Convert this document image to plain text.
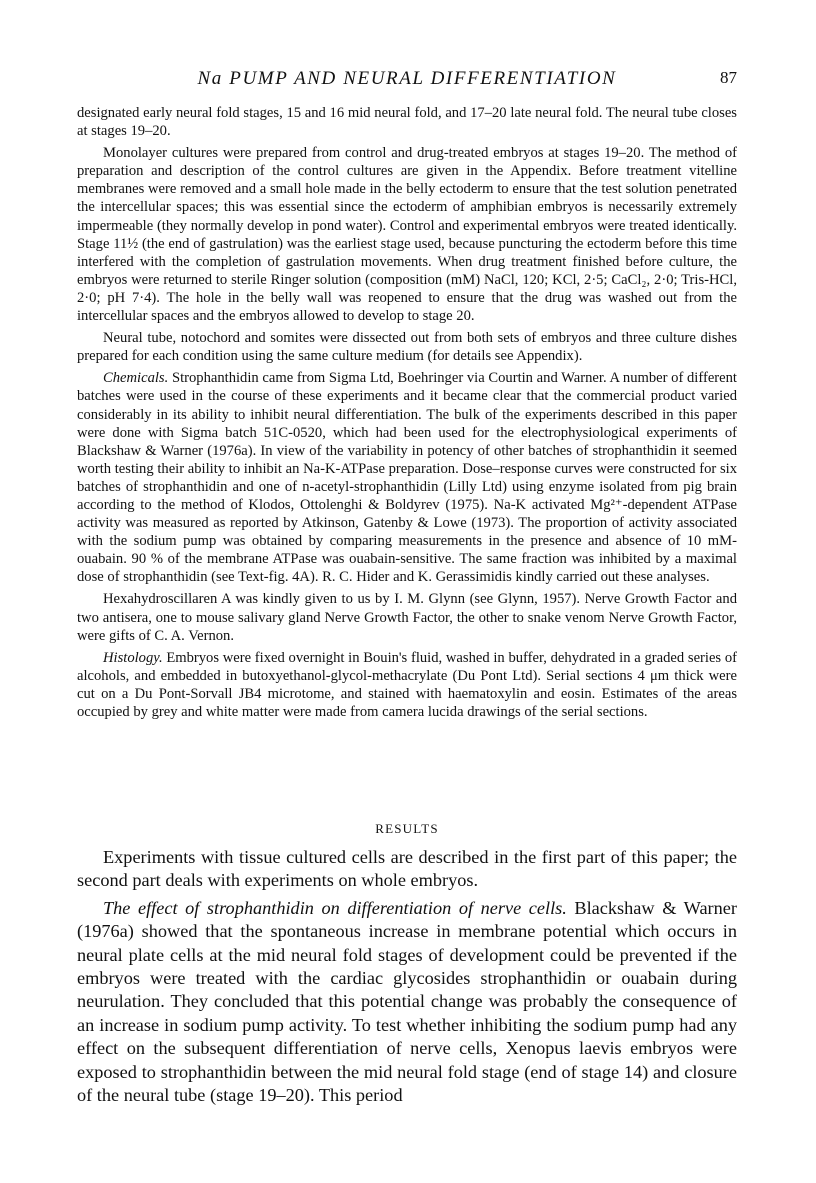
Na PUMP AND NEURAL DIFFERENTIATION	87

designated early neural fold stages, 15 and 16 mid neural fold, and 17–20 late neural fold. The neural tube closes at stages 19–20.

Monolayer cultures were prepared from control and drug-treated embryos at stages 19–20. The method of preparation and description of the control cultures are given in the Appendix. Before treatment vitelline membranes were removed and a small hole made in the belly ectoderm to ensure that the test solution penetrated the intercellular spaces; this was essential since the ectoderm of amphibian embryos is necessarily extremely impermeable (they normally develop in pond water). Control and experimental embryos were treated identically. Stage 11½ (the end of gastrulation) was the earliest stage used, because puncturing the ectoderm before this time interfered with the completion of gastrulation movements. When drug treatment finished before culture, the embryos were returned to sterile Ringer solution (composition (mM) NaCl, 120; KCl, 2·5; CaCl₂, 2·0; Tris-HCl, 2·0; pH 7·4). The hole in the belly wall was reopened to ensure that the drug was washed out from the intercellular spaces and the embryos allowed to develop to stage 20.

Neural tube, notochord and somites were dissected out from both sets of embryos and three culture dishes prepared for each condition using the same culture medium (for details see Appendix).

Chemicals. Strophanthidin came from Sigma Ltd, Boehringer via Courtin and Warner. A number of different batches were used in the course of these experiments and it became clear that the commercial product varied considerably in its ability to inhibit neural differentiation. The bulk of the experiments described in this paper were done with Sigma batch 51C-0520, which had been used for the electrophysiological experiments of Blackshaw & Warner (1976a). In view of the variability in potency of other batches of strophanthidin it seemed worth testing their ability to inhibit an Na-K-ATPase preparation. Dose–response curves were constructed for six batches of strophanthidin and one of n-acetyl-strophanthidin (Lilly Ltd) using enzyme isolated from pig brain according to the method of Klodos, Ottolenghi & Boldyrev (1975). Na-K activated Mg²⁺-dependent ATPase activity was measured as reported by Atkinson, Gatenby & Lowe (1973). The proportion of activity associated with the sodium pump was obtained by comparing measurements in the presence and absence of 10 mM-ouabain. 90 % of the membrane ATPase was ouabain-sensitive. The same fraction was inhibited by a maximal dose of strophanthidin (see Text-fig. 4A). R. C. Hider and K. Gerassimidis kindly carried out these analyses.

Hexahydroscillaren A was kindly given to us by I. M. Glynn (see Glynn, 1957). Nerve Growth Factor and two antisera, one to mouse salivary gland Nerve Growth Factor, the other to snake venom Nerve Growth Factor, were gifts of C. A. Vernon.

Histology. Embryos were fixed overnight in Bouin's fluid, washed in buffer, dehydrated in a graded series of alcohols, and embedded in butoxyethanol-glycol-methacrylate (Du Pont Ltd). Serial sections 4 μm thick were cut on a Du Pont-Sorvall JB4 microtome, and stained with haematoxylin and eosin. Estimates of the areas occupied by grey and white matter were made from camera lucida drawings of the serial sections.

RESULTS

Experiments with tissue cultured cells are described in the first part of this paper; the second part deals with experiments on whole embryos.

The effect of strophanthidin on differentiation of nerve cells. Blackshaw & Warner (1976a) showed that the spontaneous increase in membrane potential which occurs in neural plate cells at the mid neural fold stages of development could be prevented if the embryos were treated with the cardiac glycosides strophanthidin or ouabain during neurulation. They concluded that this potential change was probably the consequence of an increase in sodium pump activity. To test whether inhibiting the sodium pump had any effect on the subsequent differentiation of nerve cells, Xenopus laevis embryos were exposed to strophanthidin between the mid neural fold stage (end of stage 14) and closure of the neural tube (stage 19–20). This period
